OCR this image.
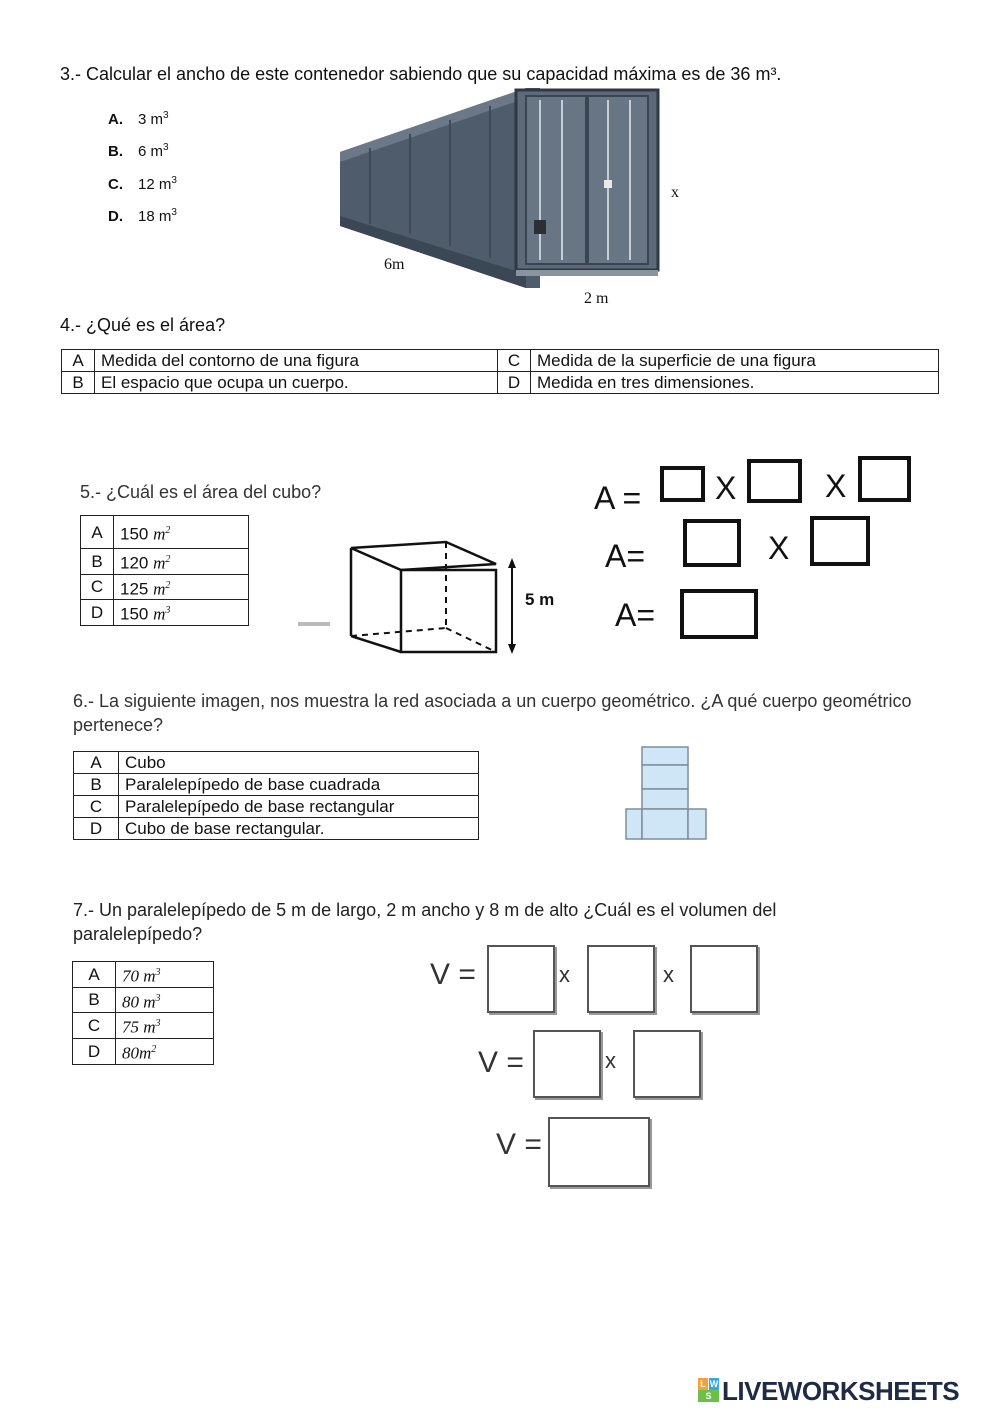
3.- Calcular el ancho de este contenedor sabiendo que su capacidad máxima es de 36 m³.
A. 3 $m^3$
B. 6 $m^3$
C. 12 $m^3$
D. 18 $m^3$
x
6m
2 m
4.- ¿Qué es el área?
A	Medida del contorno de una figura	C	Medida de la superficie de una figura
B	El espacio que ocupa un cuerpo.	D	Medida en tres dimensiones.
5.- ¿Cuál es el área del cubo?
A	150 $m^2$
B	120 $m^2$
C	125 $m^2$
D	150 $m^3$
5 m
A = X	X
A=	X
A=
6.- La siguiente imagen, nos muestra la red asociada a un cuerpo geométrico. ¿A qué cuerpo geométrico pertenece?
A	Cubo
B	Paralelepípedo de base cuadrada
C	Paralelepípedo de base rectangular
D	Cubo de base rectangular.
7.- Un paralelepípedo de 5 m de largo, 2 m ancho y 8 m de alto ¿Cuál es el volumen del paralelepípedo?
A	70 $m^3$
B	80 $m^3$
C	75 $m^3$
D	$80m^2$
V =	x	x
V =	x
V =
L W
S LIVEWORKSHEETS
